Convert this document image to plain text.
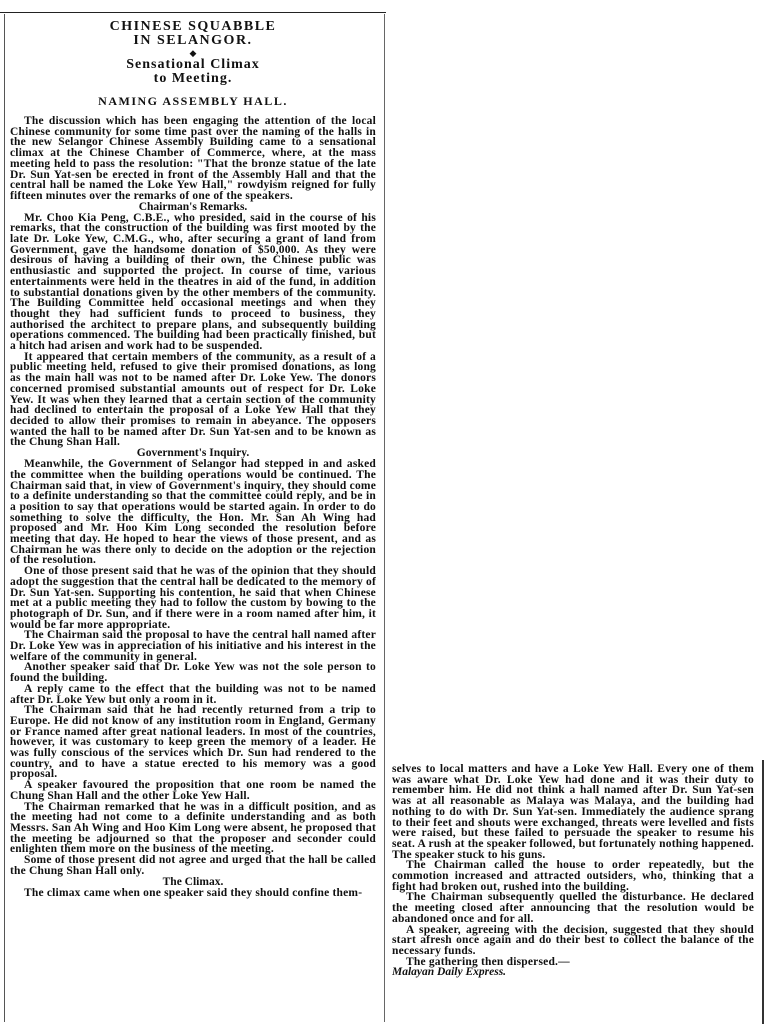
CHINESE SQUABBLE
IN SELANGOR.
◆
Sensational Climax
to Meeting.
NAMING ASSEMBLY HALL.

The discussion which has been engaging the attention of the local Chinese community for some time past over the naming of the halls in the new Selangor Chinese Assembly Building came to a sensational climax at the Chinese Chamber of Commerce, where, at the mass meeting held to pass the resolution: "That the bronze statue of the late Dr. Sun Yat-sen be erected in front of the Assembly Hall and that the central hall be named the Loke Yew Hall," rowdyism reigned for fully fifteen minutes over the remarks of one of the speakers.

Chairman's Remarks.

Mr. Choo Kia Peng, C.B.E., who presided, said in the course of his remarks, that the construction of the building was first mooted by the late Dr. Loke Yew, C.M.G., who, after securing a grant of land from Government, gave the handsome donation of $50,000. As they were desirous of having a building of their own, the Chinese public was enthusiastic and supported the project. In course of time, various entertainments were held in the theatres in aid of the fund, in addition to substantial donations given by the other members of the community. The Building Committee held occasional meetings and when they thought they had sufficient funds to proceed to business, they authorised the architect to prepare plans, and subsequently building operations commenced. The building had been practically finished, but a hitch had arisen and work had to be suspended.

It appeared that certain members of the community, as a result of a public meeting held, refused to give their promised donations, as long as the main hall was not to be named after Dr. Loke Yew. The donors concerned promised substantial amounts out of respect for Dr. Loke Yew. It was when they learned that a certain section of the community had declined to entertain the proposal of a Loke Yew Hall that they decided to allow their promises to remain in abeyance. The opposers wanted the hall to be named after Dr. Sun Yat-sen and to be known as the Chung Shan Hall.

Government's Inquiry.

Meanwhile, the Government of Selangor had stepped in and asked the committee when the building operations would be continued. The Chairman said that, in view of Government's inquiry, they should come to a definite understanding so that the committee could reply, and be in a position to say that operations would be started again. In order to do something to solve the difficulty, the Hon. Mr. San Ah Wing had proposed and Mr. Hoo Kim Long seconded the resolution before meeting that day. He hoped to hear the views of those present, and as Chairman he was there only to decide on the adoption or the rejection of the resolution.

One of those present said that he was of the opinion that they should adopt the suggestion that the central hall be dedicated to the memory of Dr. Sun Yat-sen. Supporting his contention, he said that when Chinese met at a public meeting they had to follow the custom by bowing to the photograph of Dr. Sun, and if there were in a room named after him, it would be far more appropriate.

The Chairman said the proposal to have the central hall named after Dr. Loke Yew was in appreciation of his initiative and his interest in the welfare of the community in general.

Another speaker said that Dr. Loke Yew was not the sole person to found the building.

A reply came to the effect that the building was not to be named after Dr. Loke Yew but only a room in it.

The Chairman said that he had recently returned from a trip to Europe. He did not know of any institution room in England, Germany or France named after great national leaders. In most of the countries, however, it was customary to keep green the memory of a leader. He was fully conscious of the services which Dr. Sun had rendered to the country, and to have a statue erected to his memory was a good proposal.

A speaker favoured the proposition that one room be named the Chung Shan Hall and the other Loke Yew Hall.

The Chairman remarked that he was in a difficult position, and as the meeting had not come to a definite understanding and as both Messrs. San Ah Wing and Hoo Kim Long were absent, he proposed that the meeting be adjourned so that the proposer and seconder could enlighten them more on the business of the meeting.

Some of those present did not agree and urged that the hall be called the Chung Shan Hall only.

The Climax.

The climax came when one speaker said they should confine them-

selves to local matters and have a Loke Yew Hall. Every one of them was aware what Dr. Loke Yew had done and it was their duty to remember him. He did not think a hall named after Dr. Sun Yat-sen was at all reasonable as Malaya was Malaya, and the building had nothing to do with Dr. Sun Yat-sen. Immediately the audience sprang to their feet and shouts were exchanged, threats were levelled and fists were raised, but these failed to persuade the speaker to resume his seat. A rush at the speaker followed, but fortunately nothing happened. The speaker stuck to his guns.

The Chairman called the house to order repeatedly, but the commotion increased and attracted outsiders, who, thinking that a fight had broken out, rushed into the building.

The Chairman subsequently quelled the disturbance. He declared the meeting closed after announcing that the resolution would be abandoned once and for all.

A speaker, agreeing with the decision, suggested that they should start afresh once again and do their best to collect the balance of the necessary funds.

The gathering then dispersed.—

Malayan Daily Express.
